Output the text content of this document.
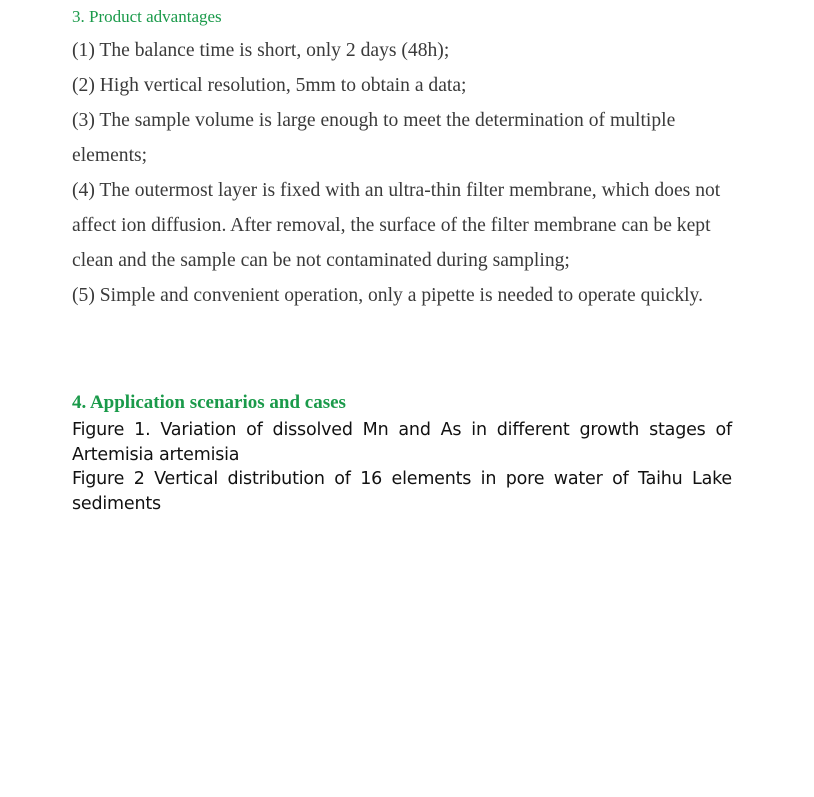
3. Product advantages

(1) The balance time is short, only 2 days (48h);

(2) High vertical resolution, 5mm to obtain a data;

(3) The sample volume is large enough to meet the determination of multiple elements;

(4) The outermost layer is fixed with an ultra-thin filter membrane, which does not affect ion diffusion. After removal, the surface of the filter membrane can be kept clean and the sample can be not contaminated during sampling;

(5) Simple and convenient operation, only a pipette is needed to operate quickly.

4. Application scenarios and cases

Figure 1. Variation of dissolved Mn and As in different growth stages of Artemisia artemisia

Figure 2 Vertical distribution of 16 elements in pore water of Taihu Lake sediments
